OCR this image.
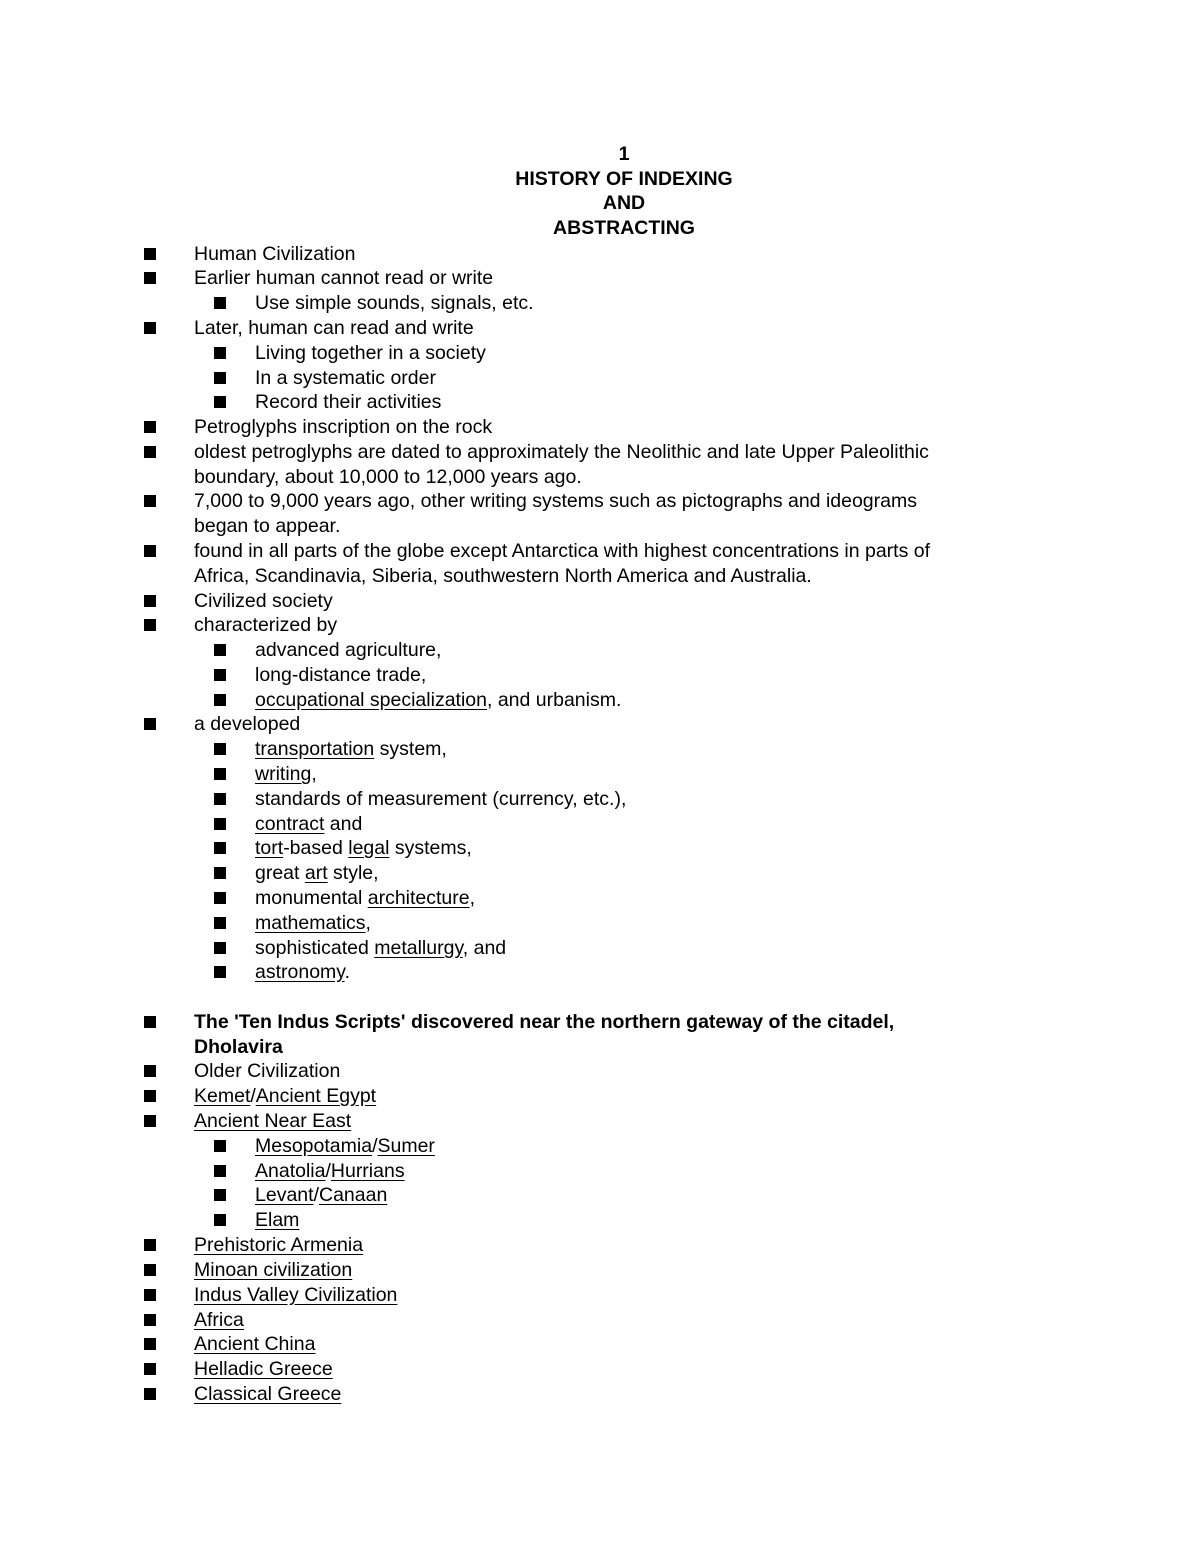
1
HISTORY OF INDEXING
AND
ABSTRACTING
Human Civilization
Earlier human cannot read or write
Use simple sounds, signals, etc.
Later, human can read and write
Living together in a society
In a systematic order
Record their activities
Petroglyphs inscription on the rock
oldest petroglyphs are dated to approximately the Neolithic and late Upper Paleolithic
boundary, about 10,000 to 12,000 years ago.
7,000 to 9,000 years ago, other writing systems such as pictographs and ideograms
began to appear.
found in all parts of the globe except Antarctica with highest concentrations in parts of
Africa, Scandinavia, Siberia, southwestern North America and Australia.
Civilized society
characterized by
advanced agriculture,
long-distance trade,
occupational specialization, and urbanism.
a developed
transportation system,
writing,
standards of measurement (currency, etc.),
contract and
tort-based legal systems,
great art style,
monumental architecture,
mathematics,
sophisticated metallurgy, and
astronomy.
The 'Ten Indus Scripts' discovered near the northern gateway of the citadel,
Dholavira
Older Civilization
Kemet/Ancient Egypt
Ancient Near East
Mesopotamia/Sumer
Anatolia/Hurrians
Levant/Canaan
Elam
Prehistoric Armenia
Minoan civilization
Indus Valley Civilization
Africa
Ancient China
Helladic Greece
Classical Greece
